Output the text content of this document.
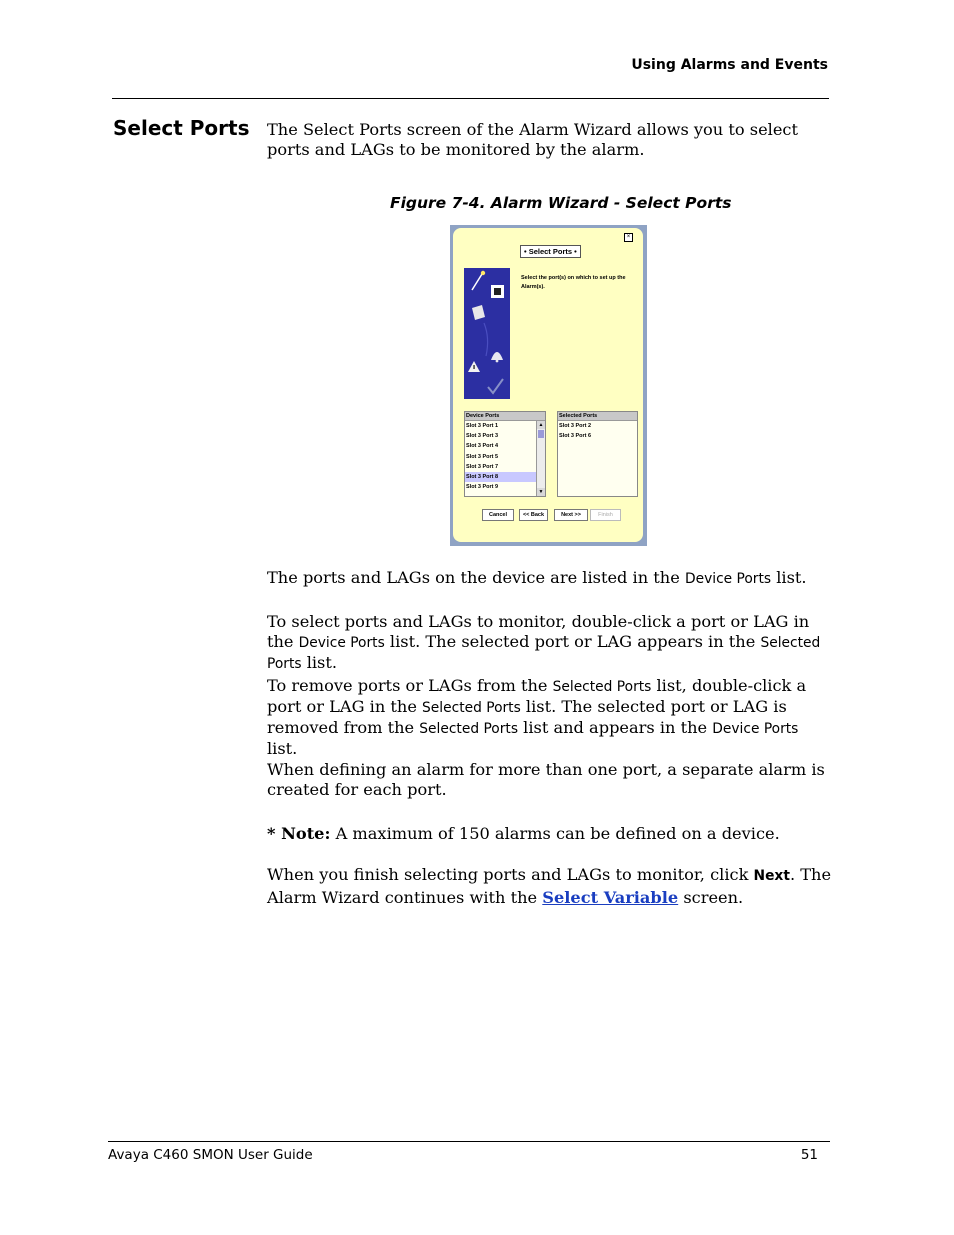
Using Alarms and Events
Select Ports The Select Ports screen of the Alarm Wizard allows you to select ports and LAGs to be monitored by the alarm.
Figure 7-4. Alarm Wizard - Select Ports
×
• Select Ports •
Select the port(s) on which to set up the Alarm(s).
Device Ports
Slot 3 Port 1
Slot 3 Port 3
Slot 3 Port 4
Slot 3 Port 5
Slot 3 Port 7
Slot 3 Port 8
Slot 3 Port 9
▲
▼
Selected Ports
Slot 3 Port 2
Slot 3 Port 6
Cancel	<< Back	Next >>	Finish
The ports and LAGs on the device are listed in the Device Ports list.
To select ports and LAGs to monitor, double-click a port or LAG in the Device Ports list. The selected port or LAG appears in the Selected Ports list.
To remove ports or LAGs from the Selected Ports list, double-click a port or LAG in the Selected Ports list. The selected port or LAG is removed from the Selected Ports list and appears in the Device Ports list.
When defining an alarm for more than one port, a separate alarm is created for each port.
* Note: A maximum of 150 alarms can be defined on a device.
When you finish selecting ports and LAGs to monitor, click Next. The Alarm Wizard continues with the Select Variable screen.
Avaya C460 SMON User Guide	51
